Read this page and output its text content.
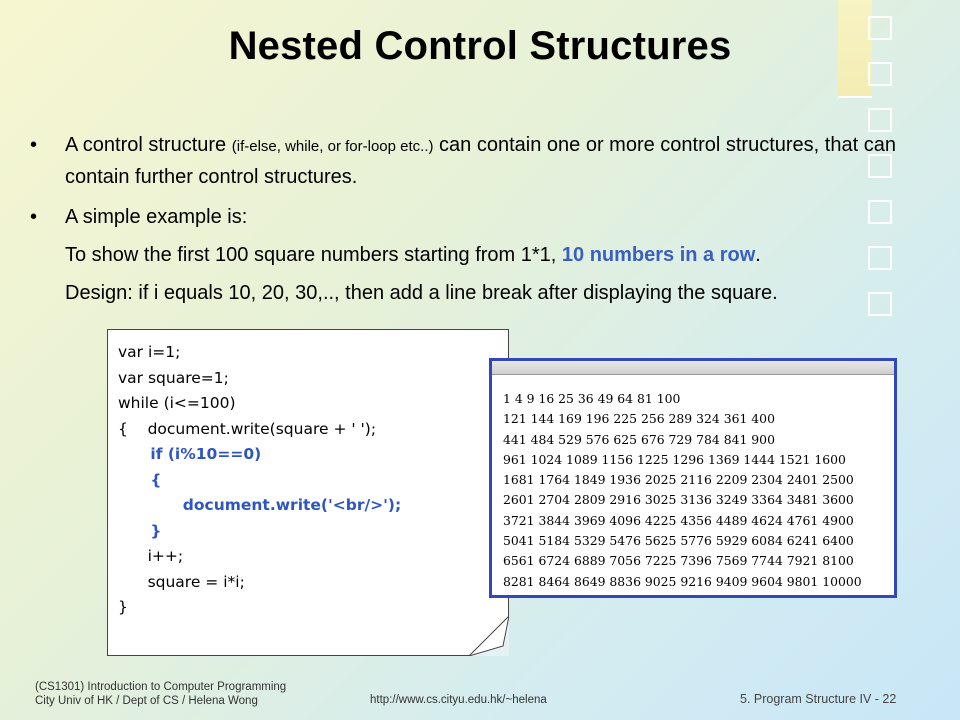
Nested Control Structures
•	A control structure (if-else, while, or for-loop etc..) can contain one or more control structures, that can contain further control structures.
•	A simple example is:
To show the first 100 square numbers starting from 1*1, 10 numbers in a row.
Design: if i equals 10, 20, 30,.., then add a line break after displaying the square.
var i=1;
var square=1;
while (i<=100)
{	document.write(square + ' ');
	if (i%10==0)
	{
		document.write('<br/>');
	}
	i++;
	square = i*i;
}
1 4 9 16 25 36 49 64 81 100
121 144 169 196 225 256 289 324 361 400
441 484 529 576 625 676 729 784 841 900
961 1024 1089 1156 1225 1296 1369 1444 1521 1600
1681 1764 1849 1936 2025 2116 2209 2304 2401 2500
2601 2704 2809 2916 3025 3136 3249 3364 3481 3600
3721 3844 3969 4096 4225 4356 4489 4624 4761 4900
5041 5184 5329 5476 5625 5776 5929 6084 6241 6400
6561 6724 6889 7056 7225 7396 7569 7744 7921 8100
8281 8464 8649 8836 9025 9216 9409 9604 9801 10000
(CS1301) Introduction to Computer Programming
City Univ of HK / Dept of CS / Helena Wong	http://www.cs.cityu.edu.hk/~helena	5. Program Structure IV - 22
